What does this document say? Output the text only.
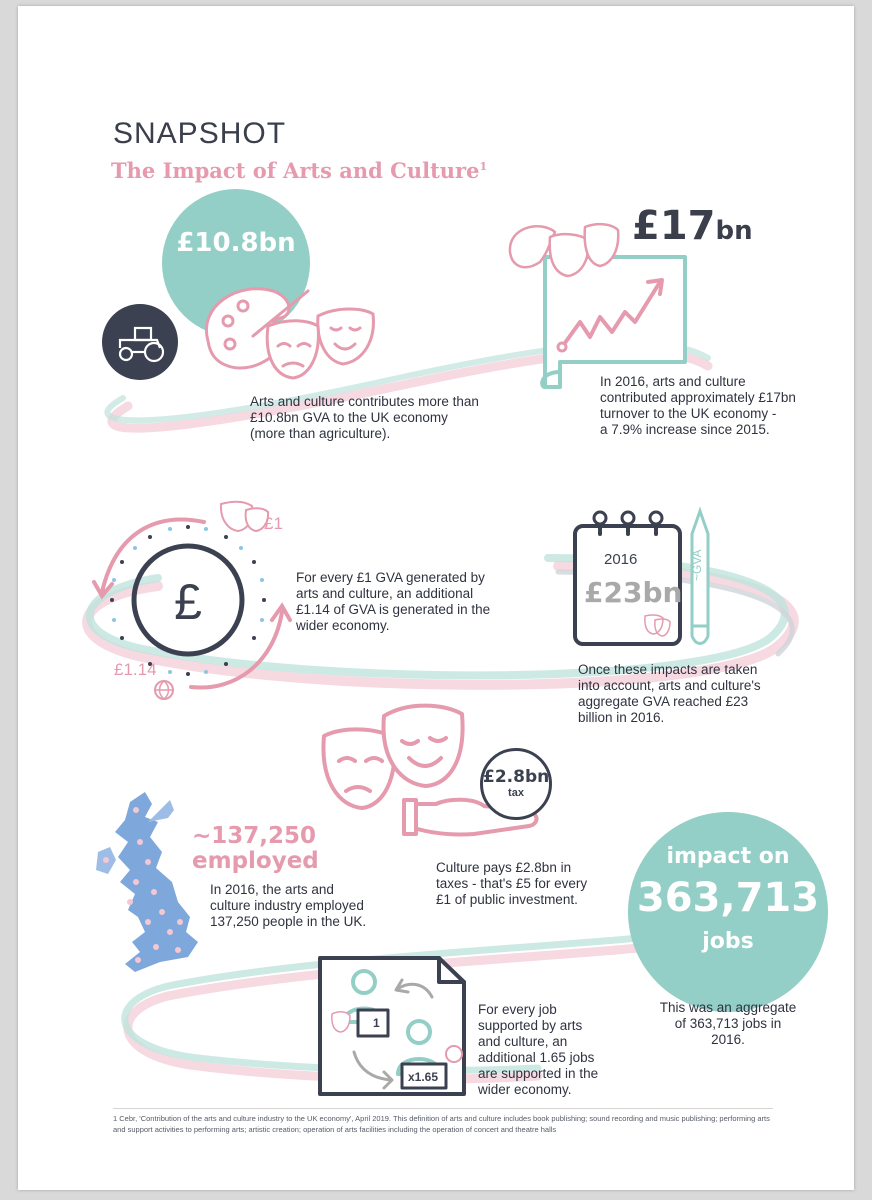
SNAPSHOT
The Impact of Arts and Culture$^1$
£10.8bn
Arts and culture contributes more than
£10.8bn GVA to the UK economy
(more than agriculture).
£17bn
In 2016, arts and culture
contributed approximately £17bn
turnover to the UK economy -
a 7.9% increase since 2015.
£
£1
£1.14
For every £1 GVA generated by
arts and culture, an additional
£1.14 of GVA is generated in the
wider economy.
2016
£23bn
~GVA
Once these impacts are taken
into account, arts and culture's
aggregate GVA reached £23
billion in 2016.
£2.8bn
tax
Culture pays £2.8bn in
taxes - that's £5 for every
£1 of public investment.
~137,250
employed
In 2016, the arts and
culture industry employed
137,250 people in the UK.
impact on
363,713
jobs
This was an aggregate
of 363,713 jobs in
2016.
1
x1.65
For every job
supported by arts
and culture, an
additional 1.65 jobs
are supported in the
wider economy.
1 Cebr, 'Contribution of the arts and culture industry to the UK economy', April 2019. This definition of arts and culture includes book publishing; sound recording and music publishing; performing arts and support activities to performing arts; artistic creation; operation of arts facilities including the operation of concert and theatre halls
